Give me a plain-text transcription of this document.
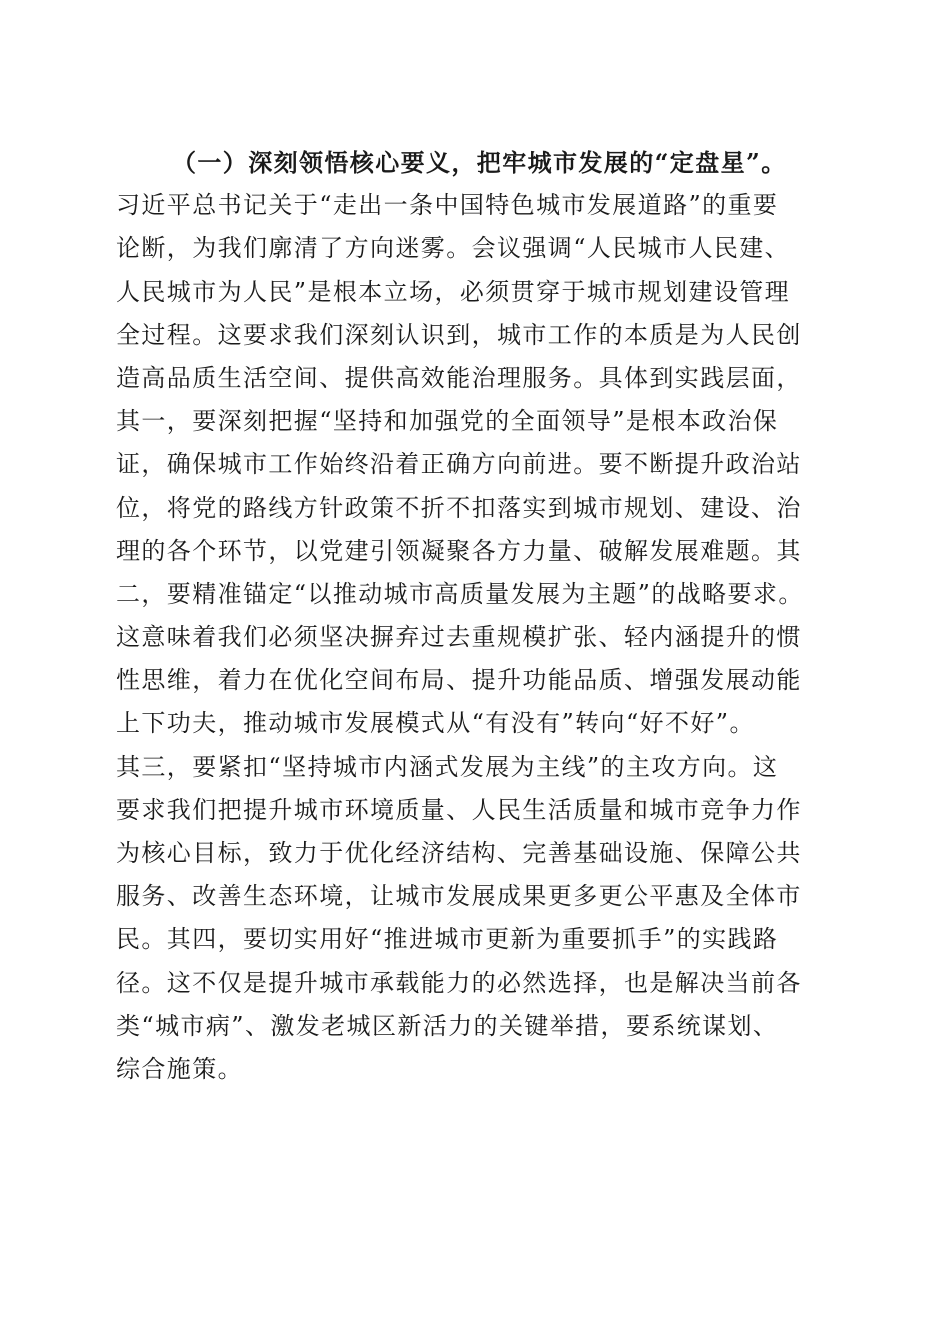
（一）深刻领悟核心要义，把牢城市发展的“定盘星”。
习近平总书记关于“走出一条中国特色城市发展道路”的重要
论断，为我们廓清了方向迷雾。会议强调“人民城市人民建、
人民城市为人民”是根本立场，必须贯穿于城市规划建设管理
全过程。这要求我们深刻认识到，城市工作的本质是为人民创
造高品质生活空间、提供高效能治理服务。具体到实践层面，
其一，要深刻把握“坚持和加强党的全面领导”是根本政治保
证，确保城市工作始终沿着正确方向前进。要不断提升政治站
位，将党的路线方针政策不折不扣落实到城市规划、建设、治
理的各个环节，以党建引领凝聚各方力量、破解发展难题。其
二，要精准锚定“以推动城市高质量发展为主题”的战略要求。
这意味着我们必须坚决摒弃过去重规模扩张、轻内涵提升的惯
性思维，着力在优化空间布局、提升功能品质、增强发展动能
上下功夫，推动城市发展模式从“有没有”转向“好不好”。
其三，要紧扣“坚持城市内涵式发展为主线”的主攻方向。这
要求我们把提升城市环境质量、人民生活质量和城市竞争力作
为核心目标，致力于优化经济结构、完善基础设施、保障公共
服务、改善生态环境，让城市发展成果更多更公平惠及全体市
民。其四，要切实用好“推进城市更新为重要抓手”的实践路
径。这不仅是提升城市承载能力的必然选择，也是解决当前各
类“城市病”、激发老城区新活力的关键举措，要系统谋划、
综合施策。
